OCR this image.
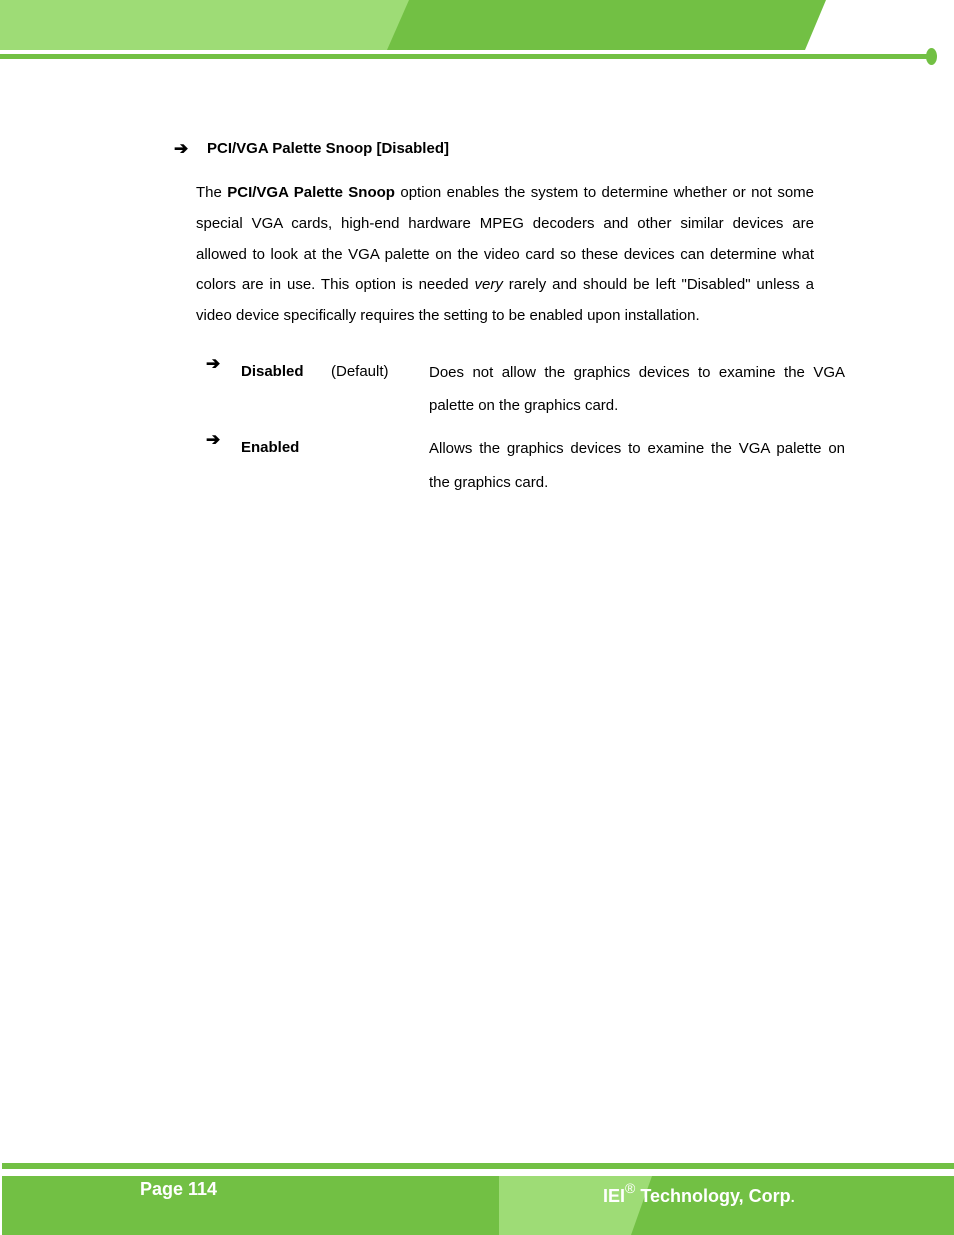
➔ PCI/VGA Palette Snoop [Disabled]

The PCI/VGA Palette Snoop option enables the system to determine whether or not some special VGA cards, high-end hardware MPEG decoders and other similar devices are allowed to look at the VGA palette on the video card so these devices can determine what colors are in use. This option is needed very rarely and should be left "Disabled" unless a video device specifically requires the setting to be enabled upon installation.

➔ Disabled (Default)	Does not allow the graphics devices to examine the VGA palette on the graphics card.

➔ Enabled	Allows the graphics devices to examine the VGA palette on the graphics card.

Page 114	IEI® Technology, Corp.
